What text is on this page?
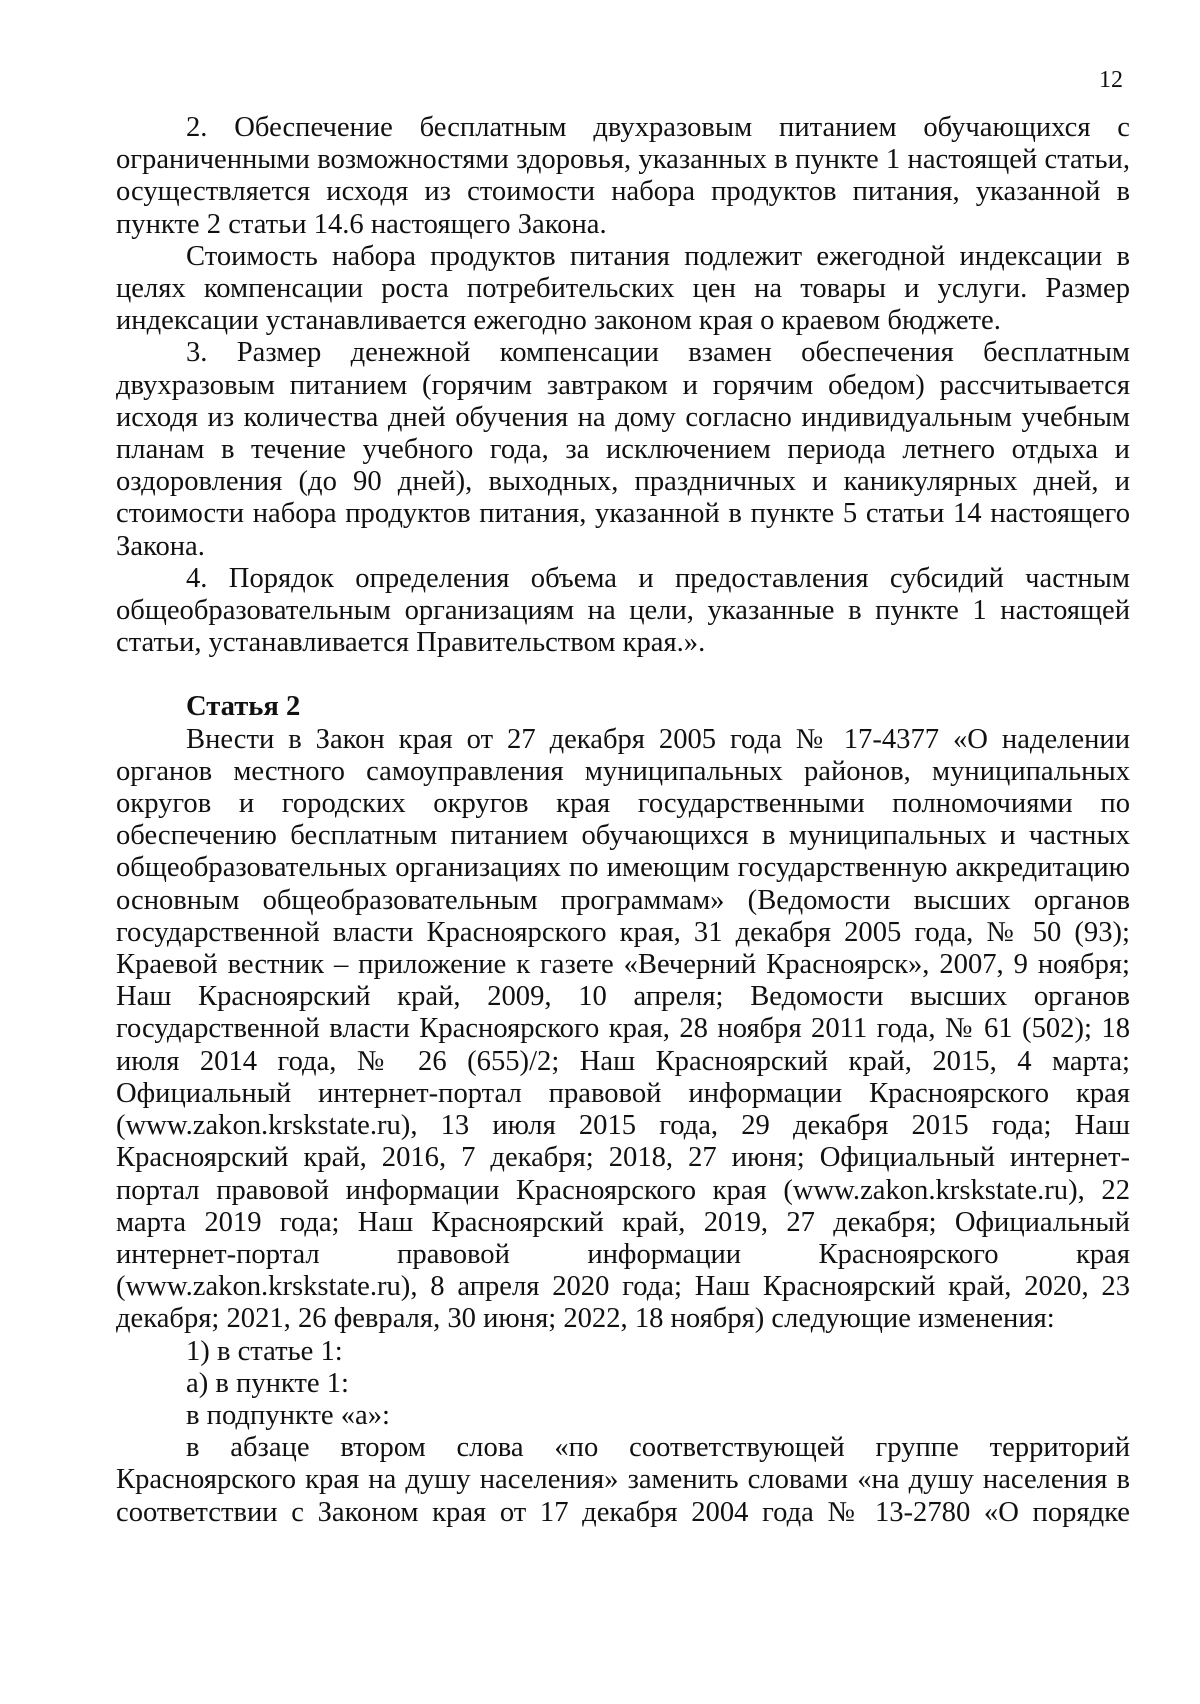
12

2. Обеспечение бесплатным двухразовым питанием обучающихся с ограниченными возможностями здоровья, указанных в пункте 1 настоящей статьи, осуществляется исходя из стоимости набора продуктов питания, указанной в пункте 2 статьи 14.6 настоящего Закона.

Стоимость набора продуктов питания подлежит ежегодной индексации в целях компенсации роста потребительских цен на товары и услуги. Размер индексации устанавливается ежегодно законом края о краевом бюджете.

3. Размер денежной компенсации взамен обеспечения бесплатным двухразовым питанием (горячим завтраком и горячим обедом) рассчитывается исходя из количества дней обучения на дому согласно индивидуальным учебным планам в течение учебного года, за исключением периода летнего отдыха и оздоровления (до 90 дней), выходных, праздничных и каникулярных дней, и стоимости набора продуктов питания, указанной в пункте 5 статьи 14 настоящего Закона.

4. Порядок определения объема и предоставления субсидий частным общеобразовательным организациям на цели, указанные в пункте 1 настоящей статьи, устанавливается Правительством края.».

Статья 2

Внести в Закон края от 27 декабря 2005 года № 17-4377 «О наделении органов местного самоуправления муниципальных районов, муниципальных округов и городских округов края государственными полномочиями по обеспечению бесплатным питанием обучающихся в муниципальных и частных общеобразовательных организациях по имеющим государственную аккредитацию основным общеобразовательным программам» (Ведомости высших органов государственной власти Красноярского края, 31 декабря 2005 года, № 50 (93); Краевой вестник – приложение к газете «Вечерний Красноярск», 2007, 9 ноября; Наш Красноярский край, 2009, 10 апреля; Ведомости высших органов государственной власти Красноярского края, 28 ноября 2011 года, № 61 (502); 18 июля 2014 года, № 26 (655)/2; Наш Красноярский край, 2015, 4 марта; Официальный интернет-портал правовой информации Красноярского края (www.zakon.krskstate.ru), 13 июля 2015 года, 29 декабря 2015 года; Наш Красноярский край, 2016, 7 декабря; 2018, 27 июня; Официальный интернет-портал правовой информации Красноярского края (www.zakon.krskstate.ru), 22 марта 2019 года; Наш Красноярский край, 2019, 27 декабря; Официальный интернет-портал правовой информации Красноярского края (www.zakon.krskstate.ru), 8 апреля 2020 года; Наш Красноярский край, 2020, 23 декабря; 2021, 26 февраля, 30 июня; 2022, 18 ноября) следующие изменения:

1) в статье 1:

а) в пункте 1:

в подпункте «а»:

в абзаце втором слова «по соответствующей группе территорий Красноярского края на душу населения» заменить словами «на душу населения в соответствии с Законом края от 17 декабря 2004 года № 13-2780 «О порядке
